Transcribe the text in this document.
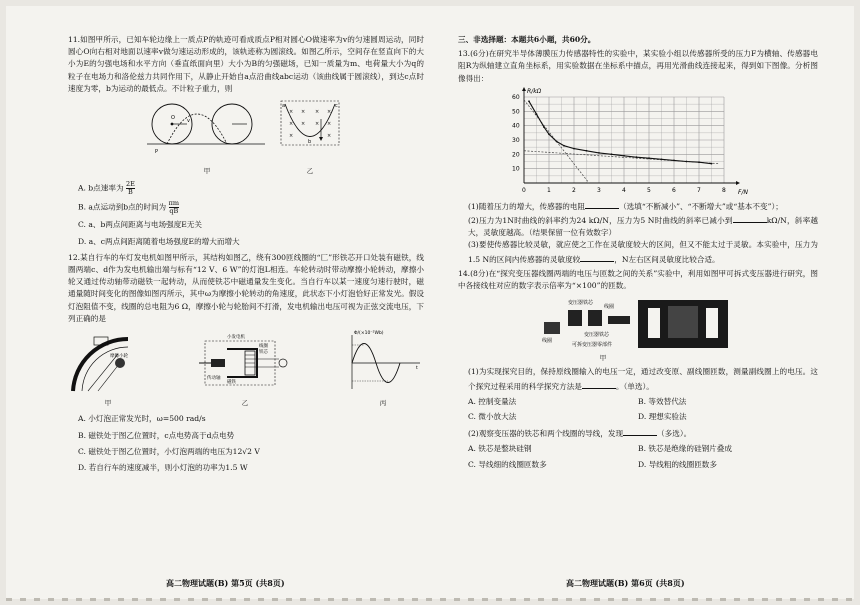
11.如图甲所示，已知车轮边缘上一质点P的轨迹可看成质点P相对圆心O做速率为v的匀速圆周运动，同时圆心O向右相对地面以速率v做匀速运动形成的，该轨迹称为圆滚线。如图乙所示，空间存在竖直向下的大小为E的匀强电场和水平方向（垂直纸面向里）大小为B的匀强磁场，已知一质量为m、电荷量大小为q的粒子在电场力和洛伦兹力共同作用下，从静止开始自a点沿曲线abc运动（该曲线属于圆滚线），到达c点时速度为零，b为运动的最低点。不计粒子重力，则

P
O v
甲
× × × ×
× × × ×
×	×
a	c
b
乙
A. b点速率为 $\frac{2E}{B}$
B. a点运动到b点的时间为 $\frac{\pi m}{qB}$
C. a、b两点间距离与电场强度E无关
D. a、c两点间距离随着电场强度E的增大而增大

12.某自行车的车灯发电机如图甲所示，其结构如图乙，绕有300匝线圈的“匚”形铁芯开口处装有磁铁，线圈两端c、d作为发电机输出端与标有“12 V、6 W”的灯泡L相连。车轮转动时带动摩擦小轮转动，摩擦小轮又通过传动轴带动磁铁一起转动，从而使铁芯中磁通量发生变化。当自行车以某一速度匀速行驶时，磁通量随时间变化的图像如图丙所示，其中ω为摩擦小轮转动的角速度，此状态下小灯泡恰好正常发光。假设灯泡阻值不变，线圈的总电阻为6 Ω，摩擦小轮与轮胎间不打滑，发电机输出电压可视为正弦交流电压，下列正确的是

摩擦小轮
甲
小发电机
线圈
铁芯
传动轴
磁铁
乙
Φ/(×10⁻²Wb)
t
丙
A. 小灯泡正常发光时，ω=500 rad/s
B. 磁铁处于图乙位置时，c点电势高于d点电势
C. 磁铁处于图乙位置时，小灯泡两端的电压为12√2 V
D. 若自行车的速度减半，则小灯泡的功率为1.5 W
高二物理试题(B) 第5页 (共8页)

三、非选择题：本题共6小题，共60分。

13.(6分)在研究半导体薄膜压力传感器特性的实验中，某实验小组以传感器所受的压力F为横轴、传感器电阻R为纵轴建立直角坐标系，用实验数据在坐标系中描点，再用光滑曲线连接起来，得到如下图像。分析图像得出：

F/N
R/kΩ
0	1	2	3	4	5	6	7	8
10
20
30
40
50
60

(1)随着压力的增大，传感器的电阻	（选填“不断减小”、“不断增大”或“基本不变”）；

(2)压力为1N时曲线的斜率约为24 kΩ/N，压力为5 N时曲线的斜率已减小到	kΩ/N，斜率越大，灵敏度越高。（结果保留一位有效数字）

(3)要使传感器比较灵敏，就应使之工作在灵敏度较大的区间，但又不能太过于灵敏。本实验中，压力为1.5 N的区间内传感器的灵敏度较	，N左右区间灵敏度比较合适。

14.(8分)在“探究变压器线圈两端的电压与匝数之间的关系”实验中，利用如图甲可拆式变压器进行研究，图中各接线柱对应的数字表示倍率为“×100”的匝数。

变压器铁芯
线圈
线圈
变压器铁芯
可拆变压器零部件
甲

(1)为实现探究目的，保持原线圈输入的电压一定，通过改变原、副线圈匝数，测量副线圈上的电压。这个探究过程采用的科学探究方法是	。（单选）。

A. 控制变量法	B. 等效替代法
C. 微小放大法	D. 理想实验法

(2)观察变压器的铁芯和两个线圈的导线，发现	（多选）。

A. 铁芯是整块硅钢	B. 铁芯是绝缘的硅钢片叠成
C. 导线细的线圈匝数多	D. 导线粗的线圈匝数多
高二物理试题(B) 第6页 (共8页)
